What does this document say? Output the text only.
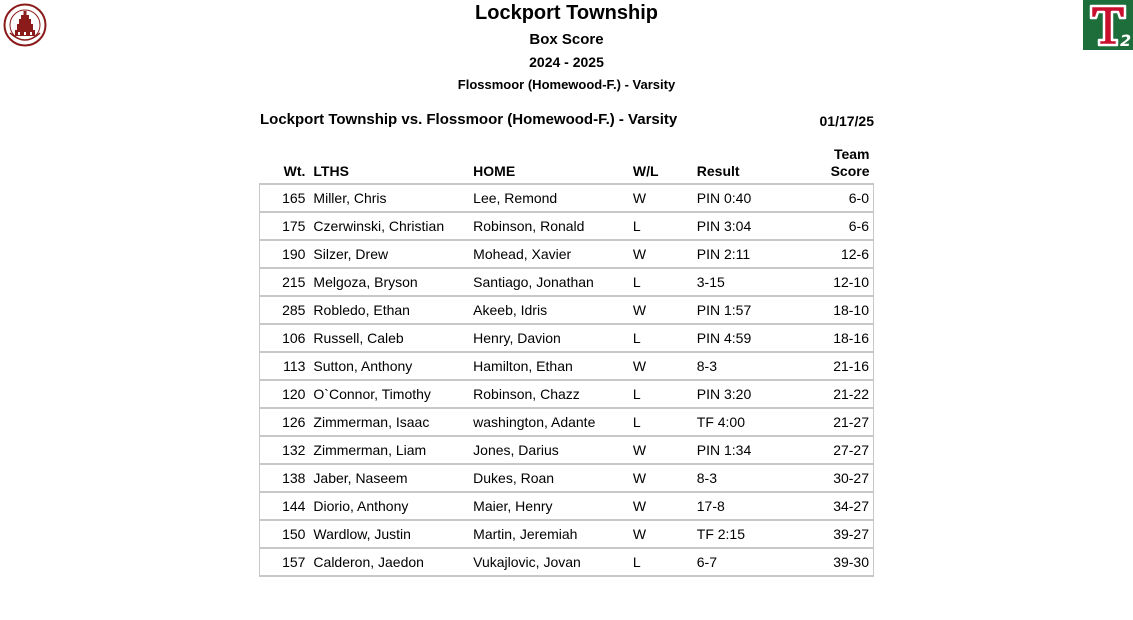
2
Lockport Township
Box Score
2024 - 2025
Flossmoor (Homewood-F.) - Varsity
Lockport Township vs. Flossmoor (Homewood-F.) - Varsity	01/17/25
Wt.	LTHS	HOME	W/L	Result	Team
Score
165	Miller, Chris	Lee, Remond	W	PIN 0:40	6-0
175	Czerwinski, Christian	Robinson, Ronald	L	PIN 3:04	6-6
190	Silzer, Drew	Mohead, Xavier	W	PIN 2:11	12-6
215	Melgoza, Bryson	Santiago, Jonathan	L	3-15	12-10
285	Robledo, Ethan	Akeeb, Idris	W	PIN 1:57	18-10
106	Russell, Caleb	Henry, Davion	L	PIN 4:59	18-16
113	Sutton, Anthony	Hamilton, Ethan	W	8-3	21-16
120	O`Connor, Timothy	Robinson, Chazz	L	PIN 3:20	21-22
126	Zimmerman, Isaac	washington, Adante	L	TF 4:00	21-27
132	Zimmerman, Liam	Jones, Darius	W	PIN 1:34	27-27
138	Jaber, Naseem	Dukes, Roan	W	8-3	30-27
144	Diorio, Anthony	Maier, Henry	W	17-8	34-27
150	Wardlow, Justin	Martin, Jeremiah	W	TF 2:15	39-27
157	Calderon, Jaedon	Vukajlovic, Jovan	L	6-7	39-30
